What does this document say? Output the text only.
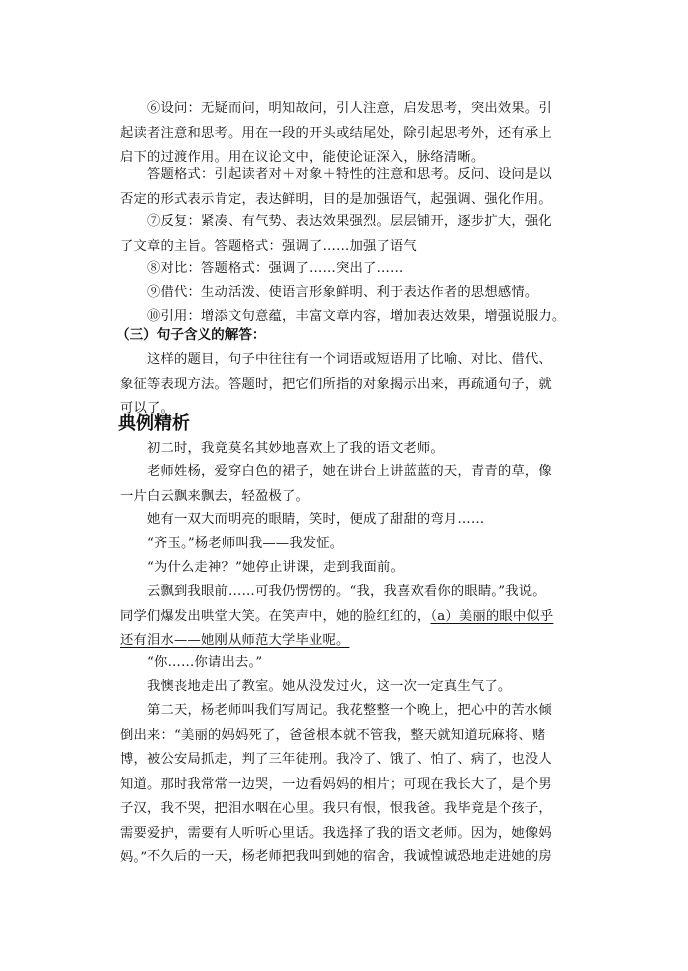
⑥设问：无疑而问，明知故问，引人注意，启发思考，突出效果。引
起读者注意和思考。用在一段的开头或结尾处，除引起思考外，还有承上
启下的过渡作用。用在议论文中，能使论证深入，脉络清晰。
答题格式：引起读者对＋对象＋特性的注意和思考。反问、设问是以
否定的形式表示肯定，表达鲜明，目的是加强语气，起强调、强化作用。
⑦反复：紧凑、有气势、表达效果强烈。层层铺开，逐步扩大，强化
了文章的主旨。答题格式：强调了……加强了语气
⑧对比：答题格式：强调了……突出了……
⑨借代：生动活泼、使语言形象鲜明、利于表达作者的思想感情。
⑩引用：增添文句意蕴，丰富文章内容，增加表达效果，增强说服力。
（三）句子含义的解答：
这样的题目，句子中往往有一个词语或短语用了比喻、对比、借代、
象征等表现方法。答题时，把它们所指的对象揭示出来，再疏通句子，就
可以了。
典例精析
初二时，我竟莫名其妙地喜欢上了我的语文老师。
老师姓杨，爱穿白色的裙子，她在讲台上讲蓝蓝的天，青青的草，像
一片白云飘来飘去，轻盈极了。
她有一双大而明亮的眼睛，笑时，便成了甜甜的弯月……
“齐玉。”杨老师叫我——我发怔。
“为什么走神？”她停止讲课，走到我面前。
云飘到我眼前……可我仍愣愣的。“我，我喜欢看你的眼睛。”我说。
同学们爆发出哄堂大笑。在笑声中，她的脸红红的，（a）美丽的眼中似乎
还有泪水——她刚从师范大学毕业呢。
“你……你请出去。”
我懊丧地走出了教室。她从没发过火，这一次一定真生气了。
第二天，杨老师叫我们写周记。我花整整一个晚上，把心中的苦水倾
倒出来：“美丽的妈妈死了，爸爸根本就不管我，整天就知道玩麻将、赌
博，被公安局抓走，判了三年徒刑。我冷了、饿了、怕了、病了，也没人
知道。那时我常常一边哭，一边看妈妈的相片；可现在我长大了，是个男
子汉，我不哭，把泪水咽在心里。我只有恨，恨我爸。我毕竟是个孩子，
需要爱护，需要有人听听心里话。我选择了我的语文老师。因为，她像妈
妈。” 不久后的一天，杨老师把我叫到她的宿舍，我诚惶诚恐地走进她的房
